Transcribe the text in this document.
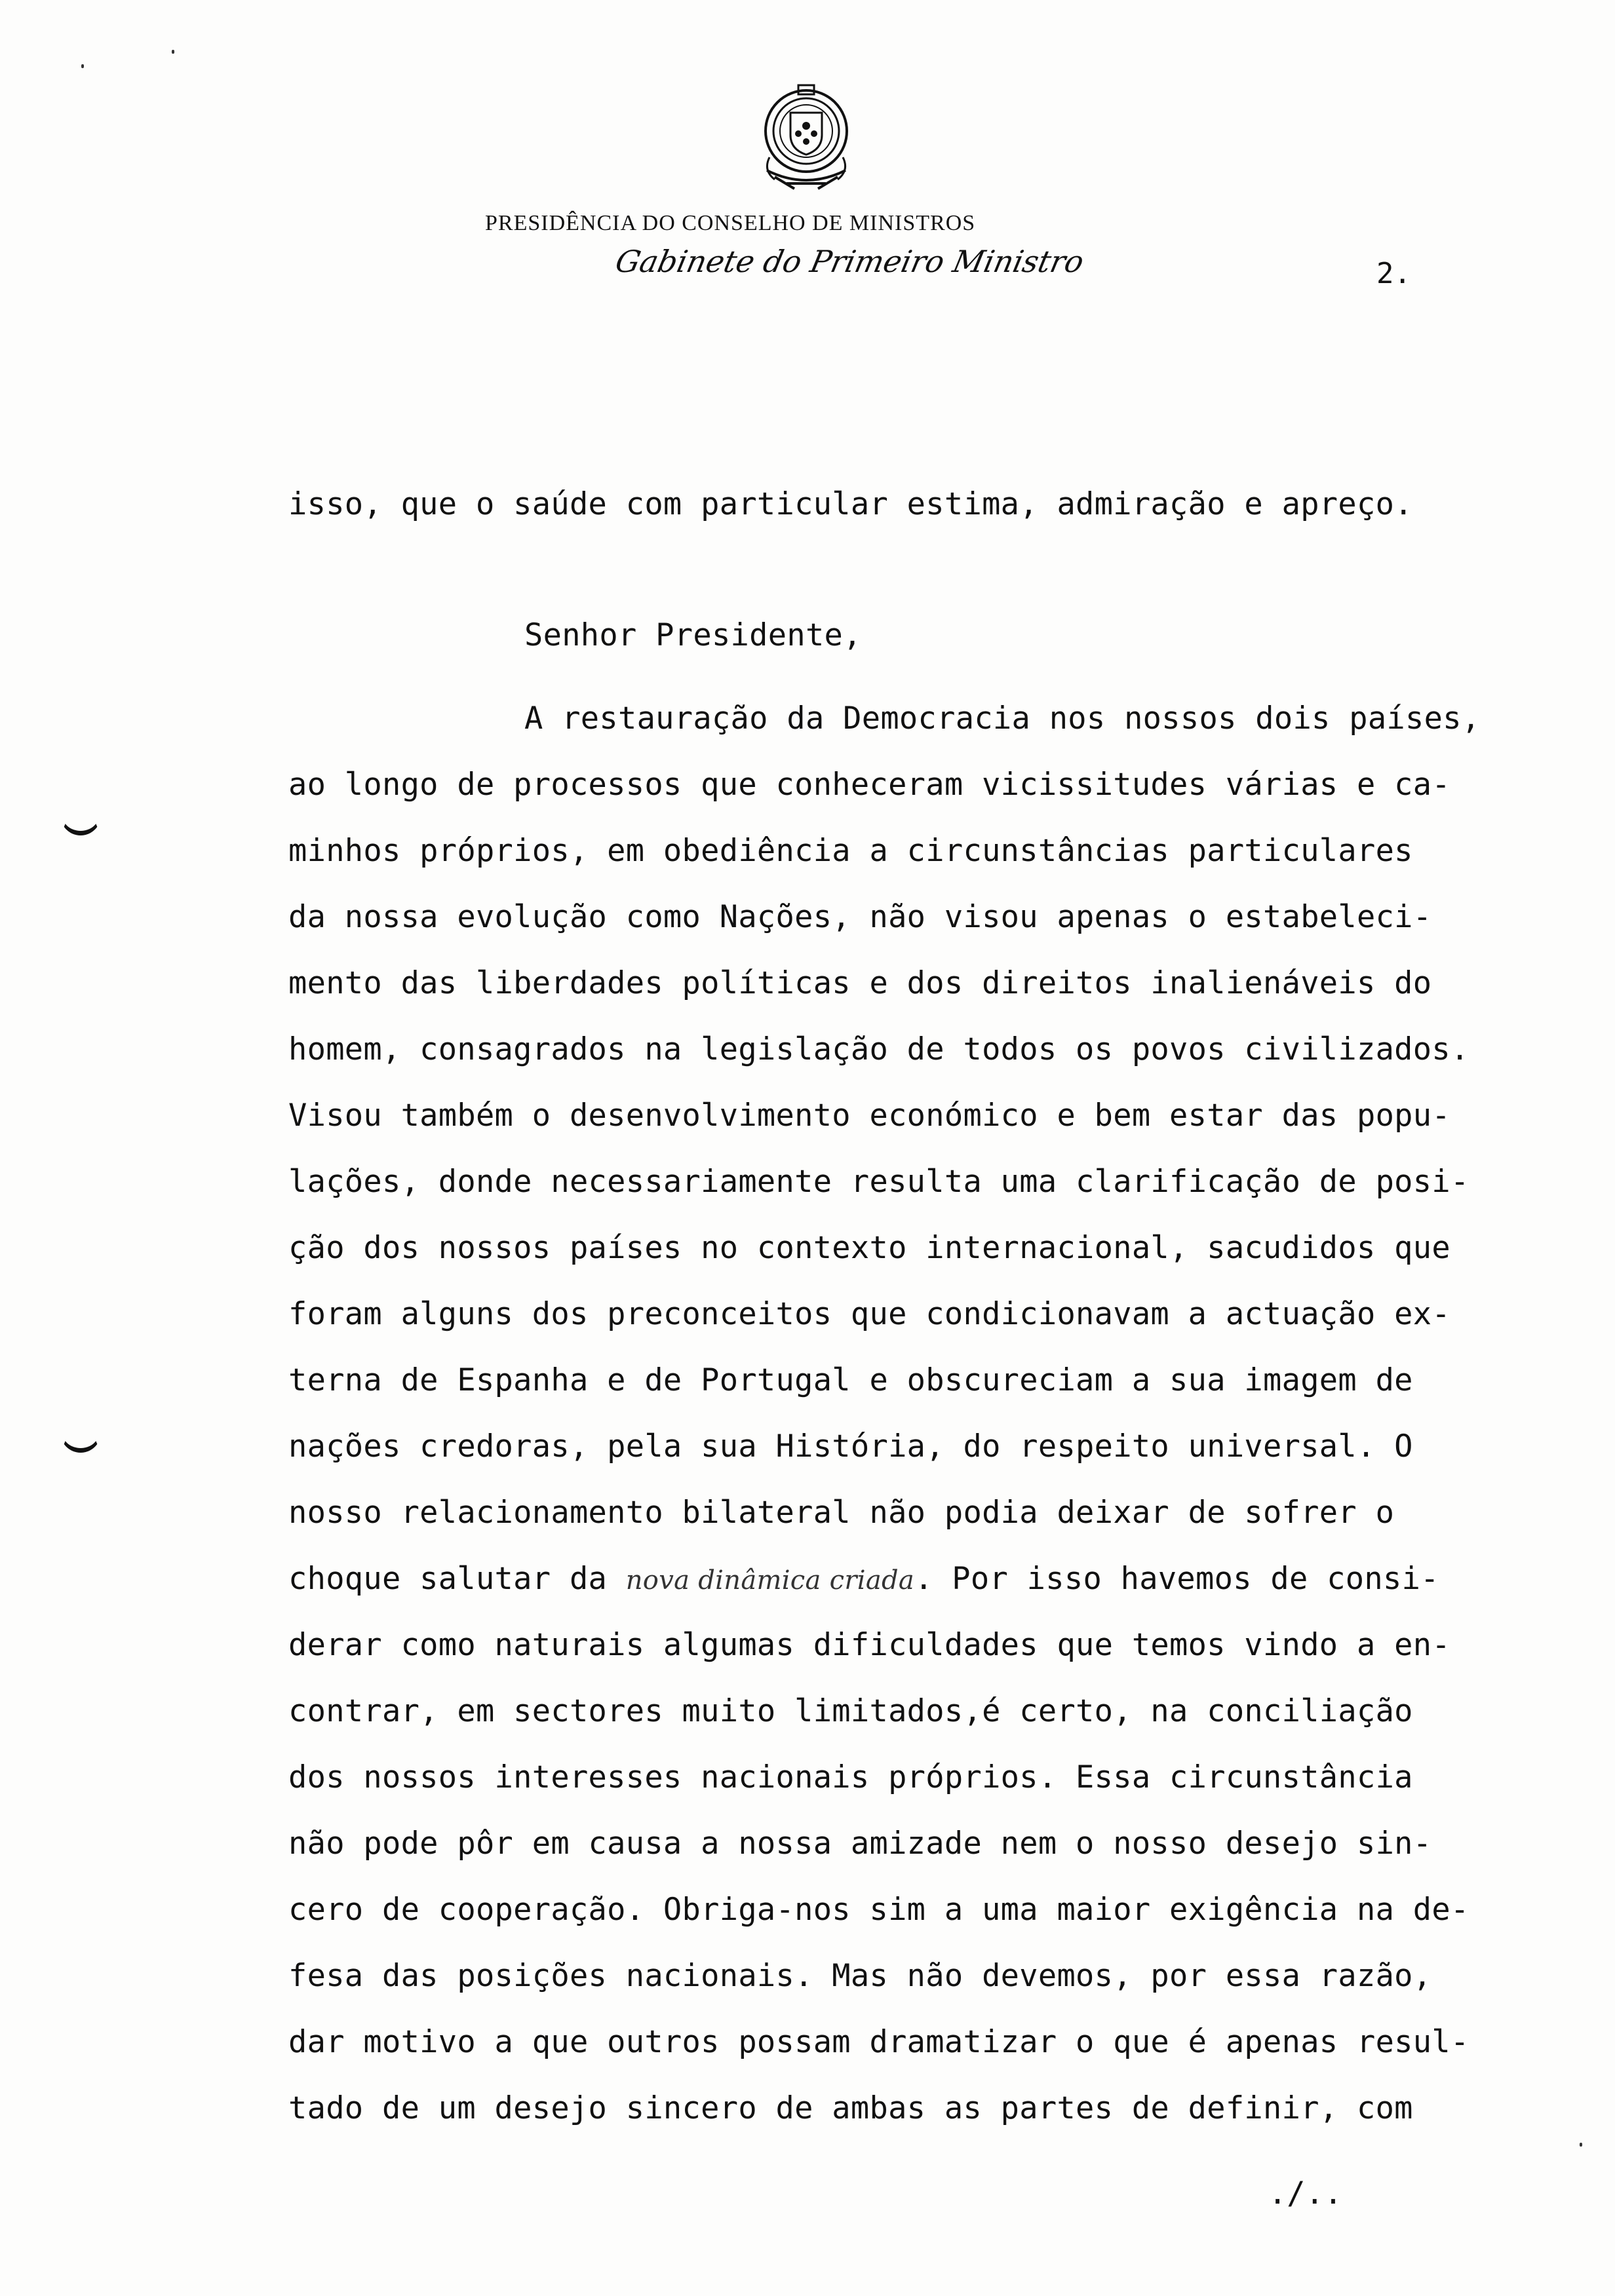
PRESIDÊNCIA DO CONSELHO DE MINISTROS
Gabinete do Primeiro Ministro	2.
isso, que o saúde com particular estima, admiração e apreço.
Senhor Presidente,
A restauração da Democracia nos nossos dois países,
ao longo de processos que conheceram vicissitudes várias e ca-
minhos próprios, em obediência a circunstâncias particulares
da nossa evolução como Nações, não visou apenas o estabeleci-
mento das liberdades políticas e dos direitos inalienáveis do
homem, consagrados na legislação de todos os povos civilizados.
Visou também o desenvolvimento económico e bem estar das popu-
lações, donde necessariamente resulta uma clarificação de posi-
ção dos nossos países no contexto internacional, sacudidos que
foram alguns dos preconceitos que condicionavam a actuação ex-
terna de Espanha e de Portugal e obscureciam a sua imagem de
nações credoras, pela sua História, do respeito universal. O
nosso relacionamento bilateral não podia deixar de sofrer o
choque salutar da nova dinâmica criada. Por isso havemos de consi-
derar como naturais algumas dificuldades que temos vindo a en-
contrar, em sectores muito limitados,é certo, na conciliação
dos nossos interesses nacionais próprios. Essa circunstância
não pode pôr em causa a nossa amizade nem o nosso desejo sin-
cero de cooperação. Obriga-nos sim a uma maior exigência na de-
fesa das posições nacionais. Mas não devemos, por essa razão,
dar motivo a que outros possam dramatizar o que é apenas resul-
tado de um desejo sincero de ambas as partes de definir, com
./..
